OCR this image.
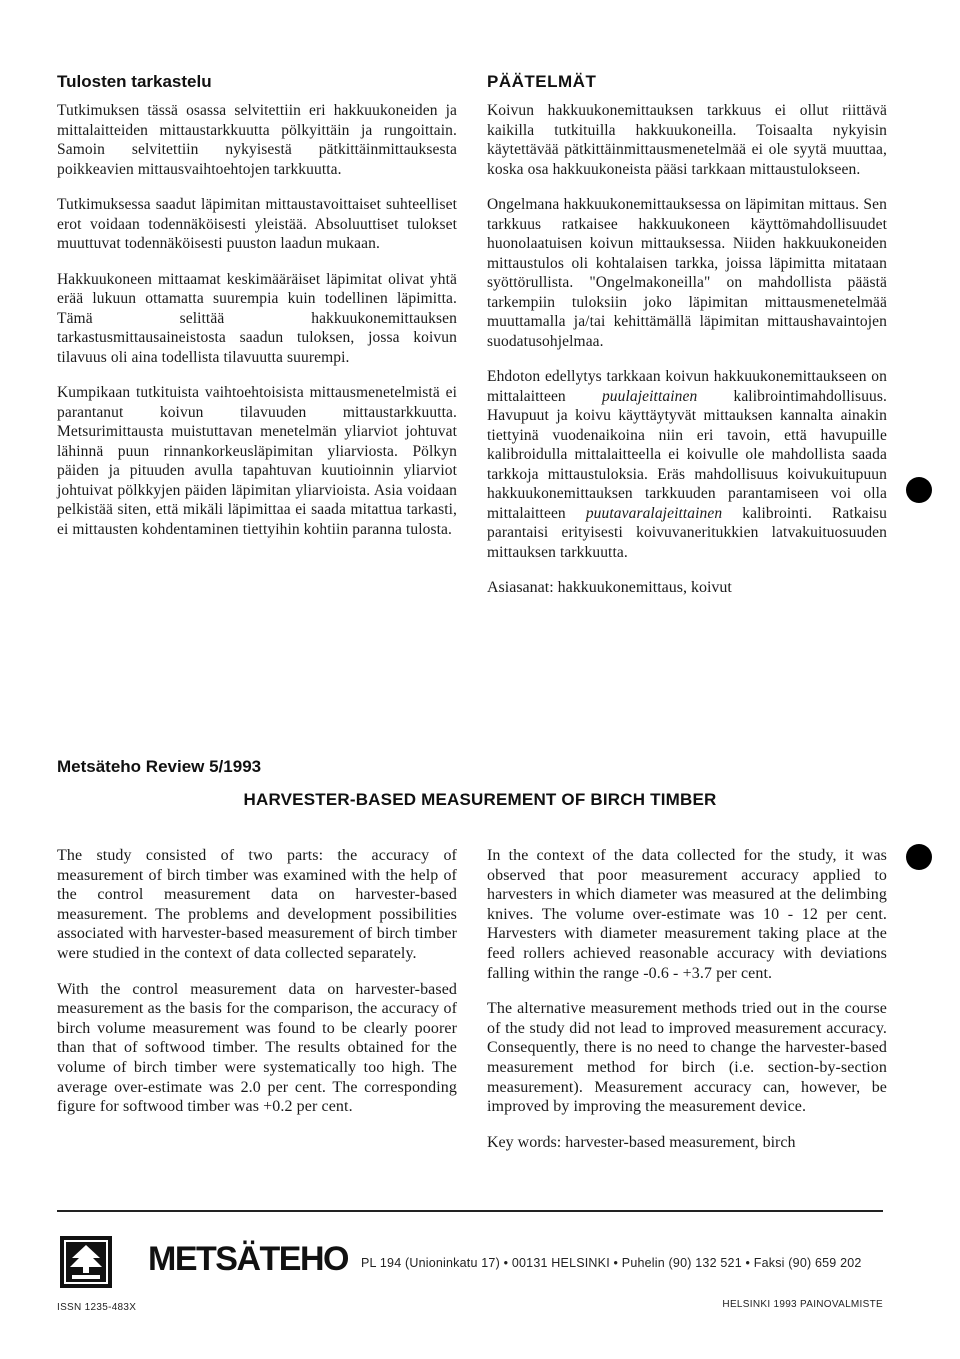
Tulosten tarkastelu

Tutkimuksen tässä osassa selvitettiin eri hakkuukoneiden ja mittalaitteiden mittaustarkkuutta pölkyittäin ja rungoittain. Samoin selvitettiin nykyisestä pätkittäinmittauksesta poikkeavien mittausvaihtoehtojen tarkkuutta.

Tutkimuksessa saadut läpimitan mittaustavoittaiset suhteelliset erot voidaan todennäköisesti yleistää. Absoluuttiset tulokset muuttuvat todennäköisesti puuston laadun mukaan.

Hakkuukoneen mittaamat keskimääräiset läpimitat olivat yhtä erää lukuun ottamatta suurempia kuin todellinen läpimitta. Tämä selittää hakkuukonemittauksen tarkastusmittausaineistosta saadun tuloksen, jossa koivun tilavuus oli aina todellista tilavuutta suurempi.

Kumpikaan tutkituista vaihtoehtoisista mittausmenetelmistä ei parantanut koivun tilavuuden mittaustarkkuutta. Metsurimittausta muistuttavan menetelmän yliarviot johtuvat lähinnä puun rinnankorkeusläpimitan yliarviosta. Pölkyn päiden ja pituuden avulla tapahtuvan kuutioinnin yliarviot johtuivat pölkkyjen päiden läpimitan yliarvioista. Asia voidaan pelkistää siten, että mikäli läpimittaa ei saada mitattua tarkasti, ei mittausten kohdentaminen tiettyihin kohtiin paranna tulosta.

PÄÄTELMÄT

Koivun hakkuukonemittauksen tarkkuus ei ollut riittävä kaikilla tutkituilla hakkuukoneilla. Toisaalta nykyisin käytettävää pätkittäinmittausmenetelmää ei ole syytä muuttaa, koska osa hakkuukoneista pääsi tarkkaan mittaustulokseen.

Ongelmana hakkuukonemittauksessa on läpimitan mittaus. Sen tarkkuus ratkaisee hakkuukoneen käyttömahdollisuudet huonolaatuisen koivun mittauksessa. Niiden hakkuukoneiden mittaustulos oli kohtalaisen tarkka, joissa läpimitta mitataan syöttörullista. "Ongelmakoneilla" on mahdollista päästä tarkempiin tuloksiin joko läpimitan mittausmenetelmää muuttamalla ja/tai kehittämällä läpimitan mittaushavaintojen suodatusohjelmaa.

Ehdoton edellytys tarkkaan koivun hakkuukonemittaukseen on mittalaitteen puulajeittainen kalibrointimahdollisuus. Havupuut ja koivu käyttäytyvät mittauksen kannalta ainakin tiettyinä vuodenaikoina niin eri tavoin, että havupuille kalibroidulla mittalaitteella ei koivulle ole mahdollista saada tarkkoja mittaustuloksia. Eräs mahdollisuus koivukuitupuun hakkuukonemittauksen tarkkuuden parantamiseen voi olla mittalaitteen puutavaralajeittainen kalibrointi. Ratkaisu parantaisi erityisesti koivuvaneritukkien latvakuituosuuden mittauksen tarkkuutta.

Asiasanat: hakkuukonemittaus, koivut

Metsäteho Review 5/1993
HARVESTER-BASED MEASUREMENT OF BIRCH TIMBER

The study consisted of two parts: the accuracy of measurement of birch timber was examined with the help of the control measurement data on harvester-based measurement. The problems and development possibilities associated with harvester-based measurement of birch timber were studied in the context of data collected separately.

With the control measurement data on harvester-based measurement as the basis for the comparison, the accuracy of birch volume measurement was found to be clearly poorer than that of softwood timber. The results obtained for the volume of birch timber were systematically too high. The average over-estimate was 2.0 per cent. The corresponding figure for softwood timber was +0.2 per cent.

In the context of the data collected for the study, it was observed that poor measurement accuracy applied to harvesters in which diameter was measured at the delimbing knives. The volume over-estimate was 10 - 12 per cent. Harvesters with diameter measurement taking place at the feed rollers achieved reasonable accuracy with deviations falling within the range -0.6 - +3.7 per cent.

The alternative measurement methods tried out in the course of the study did not lead to improved measurement accuracy. Consequently, there is no need to change the harvester-based measurement method for birch (i.e. section-by-section measurement). Measurement accuracy can, however, be improved by improving the measurement device.

Key words: harvester-based measurement, birch

METSÄTEHO PL 194 (Unioninkatu 17) • 00131 HELSINKI • Puhelin (90) 132 521 • Faksi (90) 659 202
ISSN 1235-483X	HELSINKI 1993 PAINOVALMISTE
